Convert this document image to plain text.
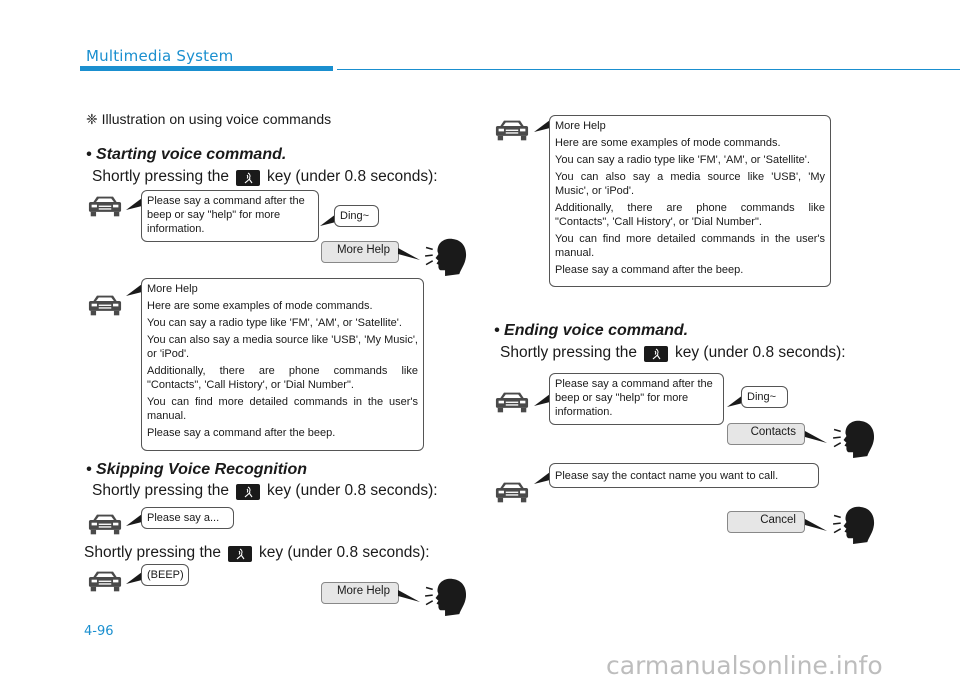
Multimedia System
❈ Illustration on using voice commands
• Starting voice command.
Shortly pressing the key (under 0.8 seconds):
Please say a command after the beep or say "help" for more information.
Ding~
More Help

More Help

Here are some examples of mode commands.

You can say a radio type like 'FM', 'AM', or 'Satellite'.

You can also say a media source like 'USB', 'My Music', or 'iPod'.

Additionally, there are phone commands like "Contacts", 'Call History', or 'Dial Number".

You can find more detailed commands in the user's manual.

Please say a command after the beep.

• Skipping Voice Recognition
Shortly pressing the key (under 0.8 seconds):
Please say a...
Shortly pressing the key (under 0.8 seconds):
(BEEP)
More Help

More Help

Here are some examples of mode commands.

You can say a radio type like 'FM', 'AM', or 'Satellite'.

You can also say a media source like 'USB', 'My Music', or 'iPod'.

Additionally, there are phone commands like "Contacts", 'Call History', or 'Dial Number".

You can find more detailed commands in the user's manual.

Please say a command after the beep.

• Ending voice command.
Shortly pressing the key (under 0.8 seconds):
Please say a command after the beep or say "help" for more information.
Ding~
Contacts
Please say the contact name you want to call.
Cancel
4-96
carmanualsonline.info
